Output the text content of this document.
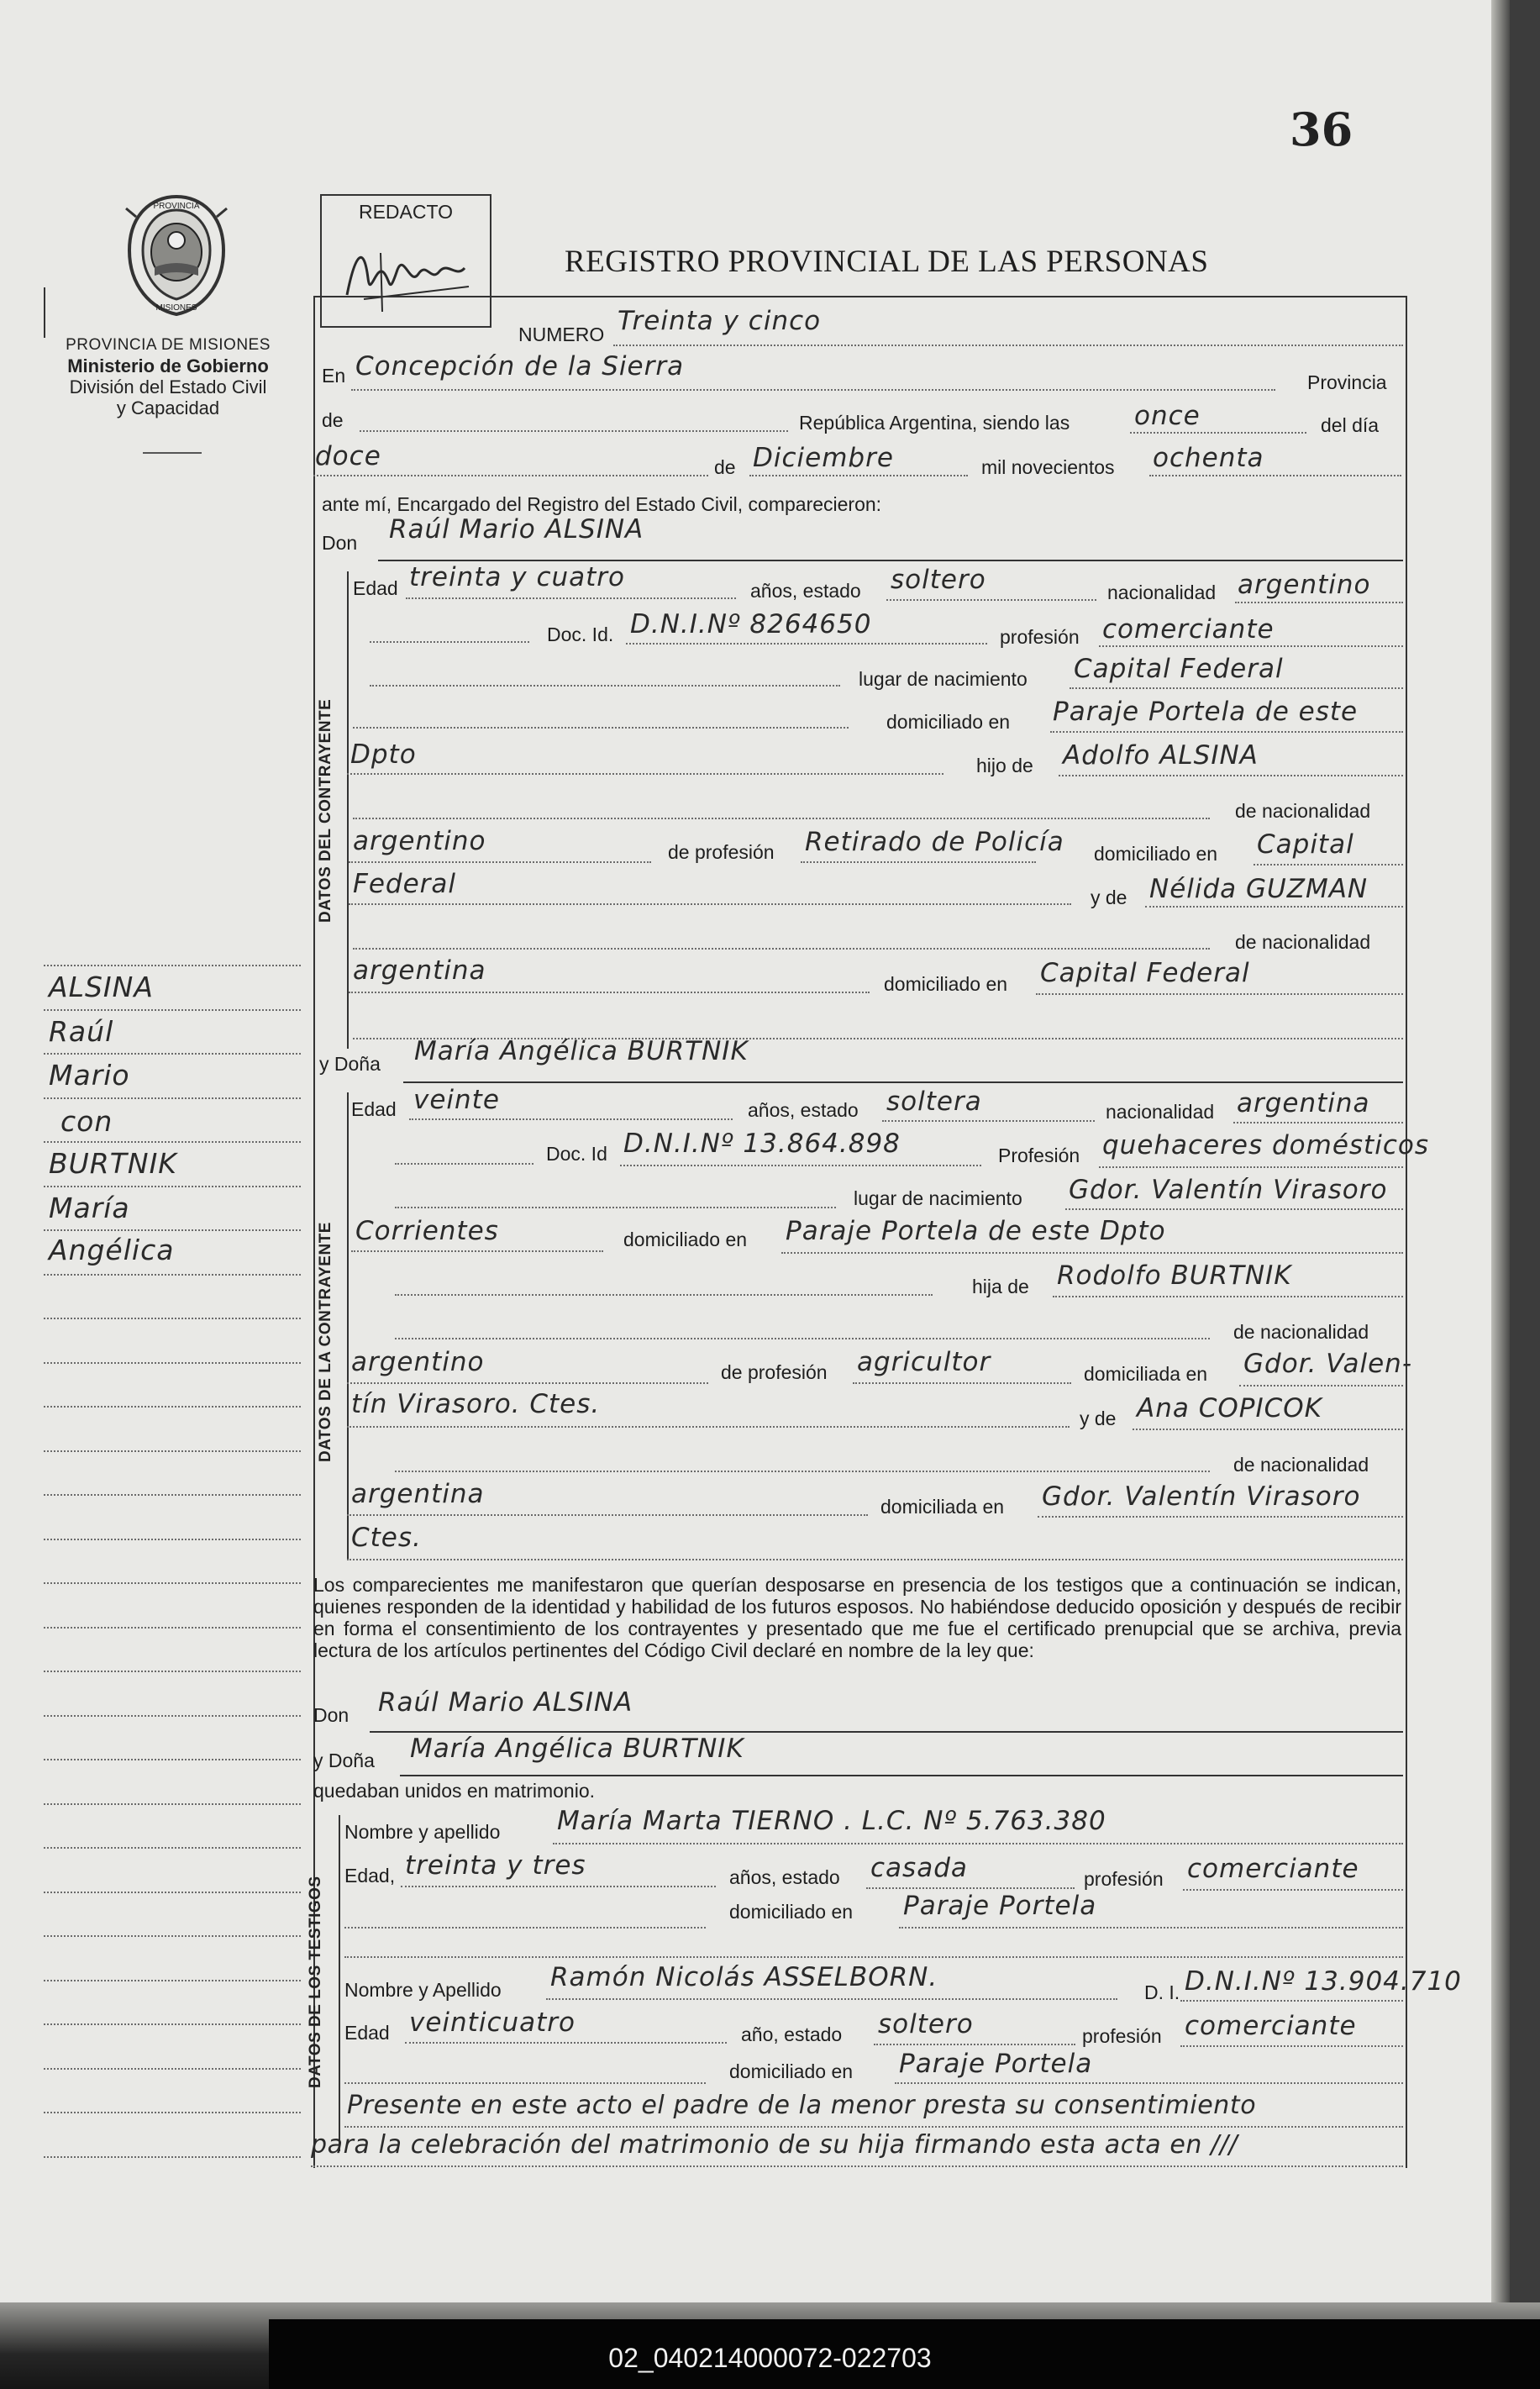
02_040214000072-022703
36
PROVINCIA
MISIONES
PROVINCIA DE MISIONES
Ministerio de Gobierno
División del Estado Civil
y Capacidad
REDACTO
REGISTRO PROVINCIAL DE LAS PERSONAS
NUMERO Treinta y cinco
En Concepción de la Sierra
Provincia
de	República Argentina, siendo las once	del día
doce	de Diciembre	mil novecientos ochenta
ante mí, Encargado del Registro del Estado Civil, comparecieron:
Don Raúl Mario ALSINA
DATOS DEL CONTRAYENTE
Edad treinta y cuatro	años, estado soltero	nacionalidad argentino
Doc. Id. D.N.I.Nº 8264650	profesión comerciante
lugar de nacimiento Capital Federal
domiciliado en Paraje Portela de este
Dpto	hijo de Adolfo ALSINA
de nacionalidad
argentino	de profesión Retirado de Policía domiciliado en Capital
Federal	y de Nélida GUZMAN
de nacionalidad
argentina	domiciliado en Capital Federal
y Doña María Angélica BURTNIK
DATOS DE LA CONTRAYENTE
Edad veinte	años, estado soltera	nacionalidad argentina
Doc. Id D.N.I.Nº 13.864.898	Profesión quehaceres domésticos
lugar de nacimiento Gdor. Valentín Virasoro
Corrientes	domiciliado en Paraje Portela de este Dpto
hija de Rodolfo BURTNIK
de nacionalidad
argentino	de profesión agricultor	domiciliada en Gdor. Valen-
tín Virasoro. Ctes.	y de Ana COPICOK
de nacionalidad
argentina	domiciliada en Gdor. Valentín Virasoro
Ctes.
Los comparecientes me manifestaron que querían desposarse en presencia de los testigos que a continuación se indican, quienes responden de la identidad y habilidad de los futuros esposos. No habiéndose deducido oposición y después de recibir en forma el consentimiento de los contrayentes y presentado que me fue el certificado prenupcial que se archiva, previa lectura de los artículos pertinentes del Código Civil declaré en nombre de la ley que:
Don Raúl Mario ALSINA
y Doña María Angélica BURTNIK
quedaban unidos en matrimonio.
DATOS DE LOS TESTIGOS
Nombre y apellido María Marta TIERNO . L.C. Nº 5.763.380
Edad, treinta y tres	años, estado casada	profesión comerciante
domiciliado en Paraje Portela
Nombre y Apellido Ramón Nicolás ASSELBORN.	D. I. D.N.I.Nº 13.904.710
Edad veinticuatro	año, estado soltero	profesión comerciante
domiciliado en Paraje Portela
Presente en este acto el padre de la menor presta su consentimiento
para la celebración del matrimonio de su hija firmando esta acta en ///
ALSINA
Raúl
Mario
con
BURTNIK
María
Angélica
